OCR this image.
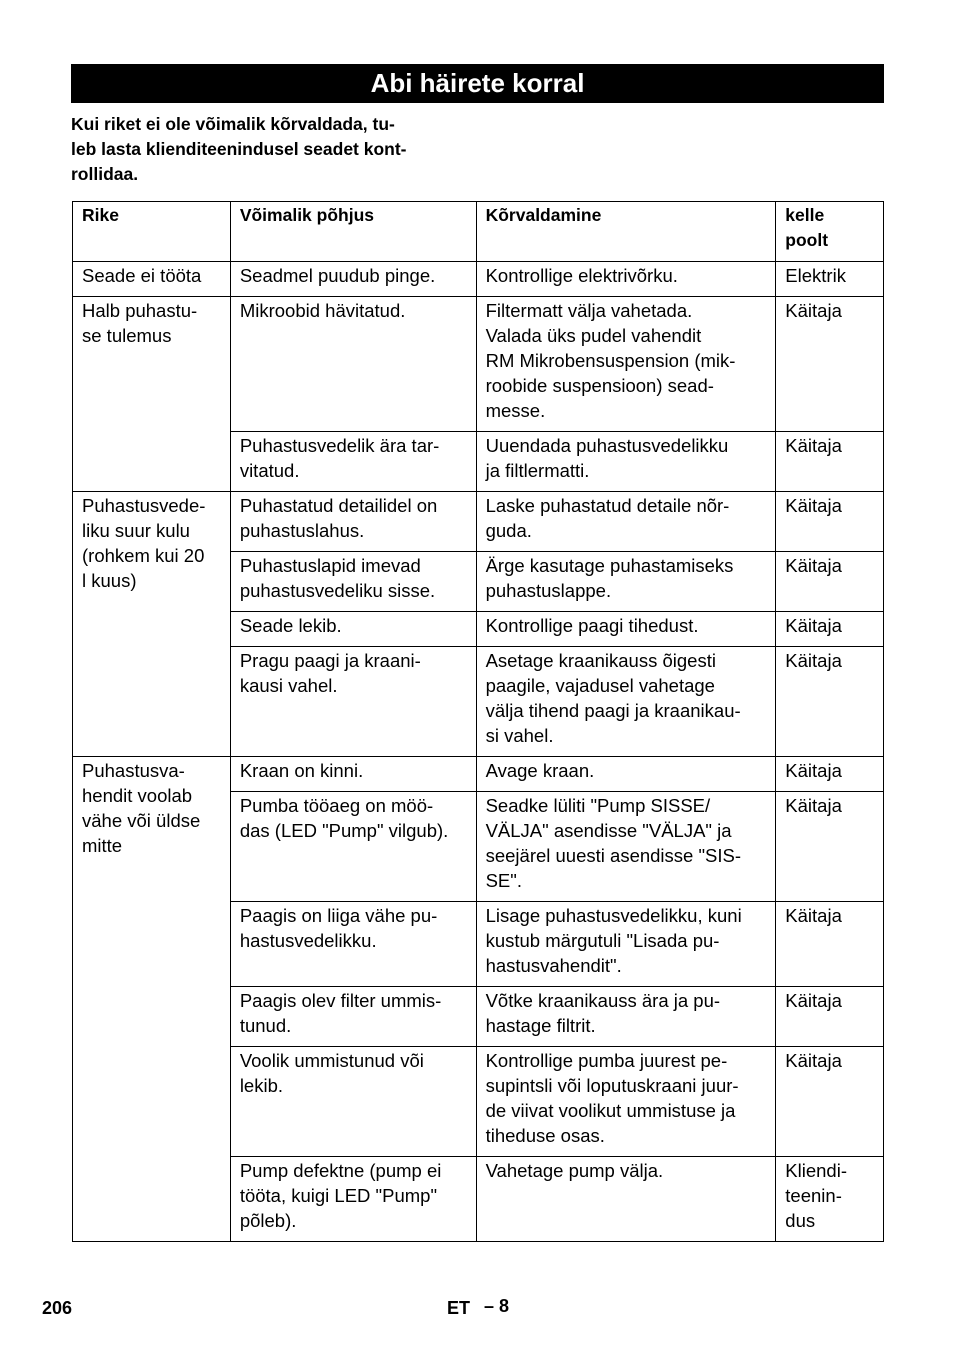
Abi häirete korral
Kui riket ei ole võimalik kõrvaldada, tu-
leb lasta klienditeenindusel seadet kont-
rollidaa.
Rike	Võimalik põhjus	Kõrvaldamine	kelle
poolt

Seade ei tööta	Seadmel puudub pinge.	Kontrollige elektrivõrku.	Elektrik

Halb puhastu-
se tulemus	Mikroobid hävitatud.	Filtermatt välja vahetada.
Valada üks pudel vahendit
RM Mikrobensuspension (mik-
roobide suspensioon) sead-
messe.	Käitaja

	Puhastusvedelik ära tar-
vitatud.	Uuendada puhastusvedelikku
ja filtlermatti.	Käitaja

Puhastusvede-
liku suur kulu
(rohkem kui 20
l kuus)	Puhastatud detailidel on
puhastuslahus.	Laske puhastatud detaile nõr-
guda.	Käitaja

	Puhastuslapid imevad
puhastusvedeliku sisse.	Ärge kasutage puhastamiseks
puhastuslappe.	Käitaja

	Seade lekib.	Kontrollige paagi tihedust.	Käitaja

	Pragu paagi ja kraani-
kausi vahel.	Asetage kraanikauss õigesti
paagile, vajadusel vahetage
välja tihend paagi ja kraanikau-
si vahel.	Käitaja

Puhastusva-
hendit voolab
vähe või üldse
mitte	Kraan on kinni.	Avage kraan.	Käitaja

	Pumba tööaeg on möö-
das (LED "Pump" vilgub).	Seadke lüliti "Pump SISSE/
VÄLJA" asendisse "VÄLJA" ja
seejärel uuesti asendisse "SIS-
SE".	Käitaja

	Paagis on liiga vähe pu-
hastusvedelikku.	Lisage puhastusvedelikku, kuni
kustub märgutuli "Lisada pu-
hastusvahendit".	Käitaja

	Paagis olev filter ummis-
tunud.	Võtke kraanikauss ära ja pu-
hastage filtrit.	Käitaja

	Voolik ummistunud või
lekib.	Kontrollige pumba juurest pe-
supintsli või loputuskraani juur-
de viivat voolikut ummistuse ja
tiheduse osas.	Käitaja

	Pump defektne (pump ei
tööta, kuigi LED "Pump"
põleb).	Vahetage pump välja.	Kliendi-
teenin-
dus
206	ET – 8
